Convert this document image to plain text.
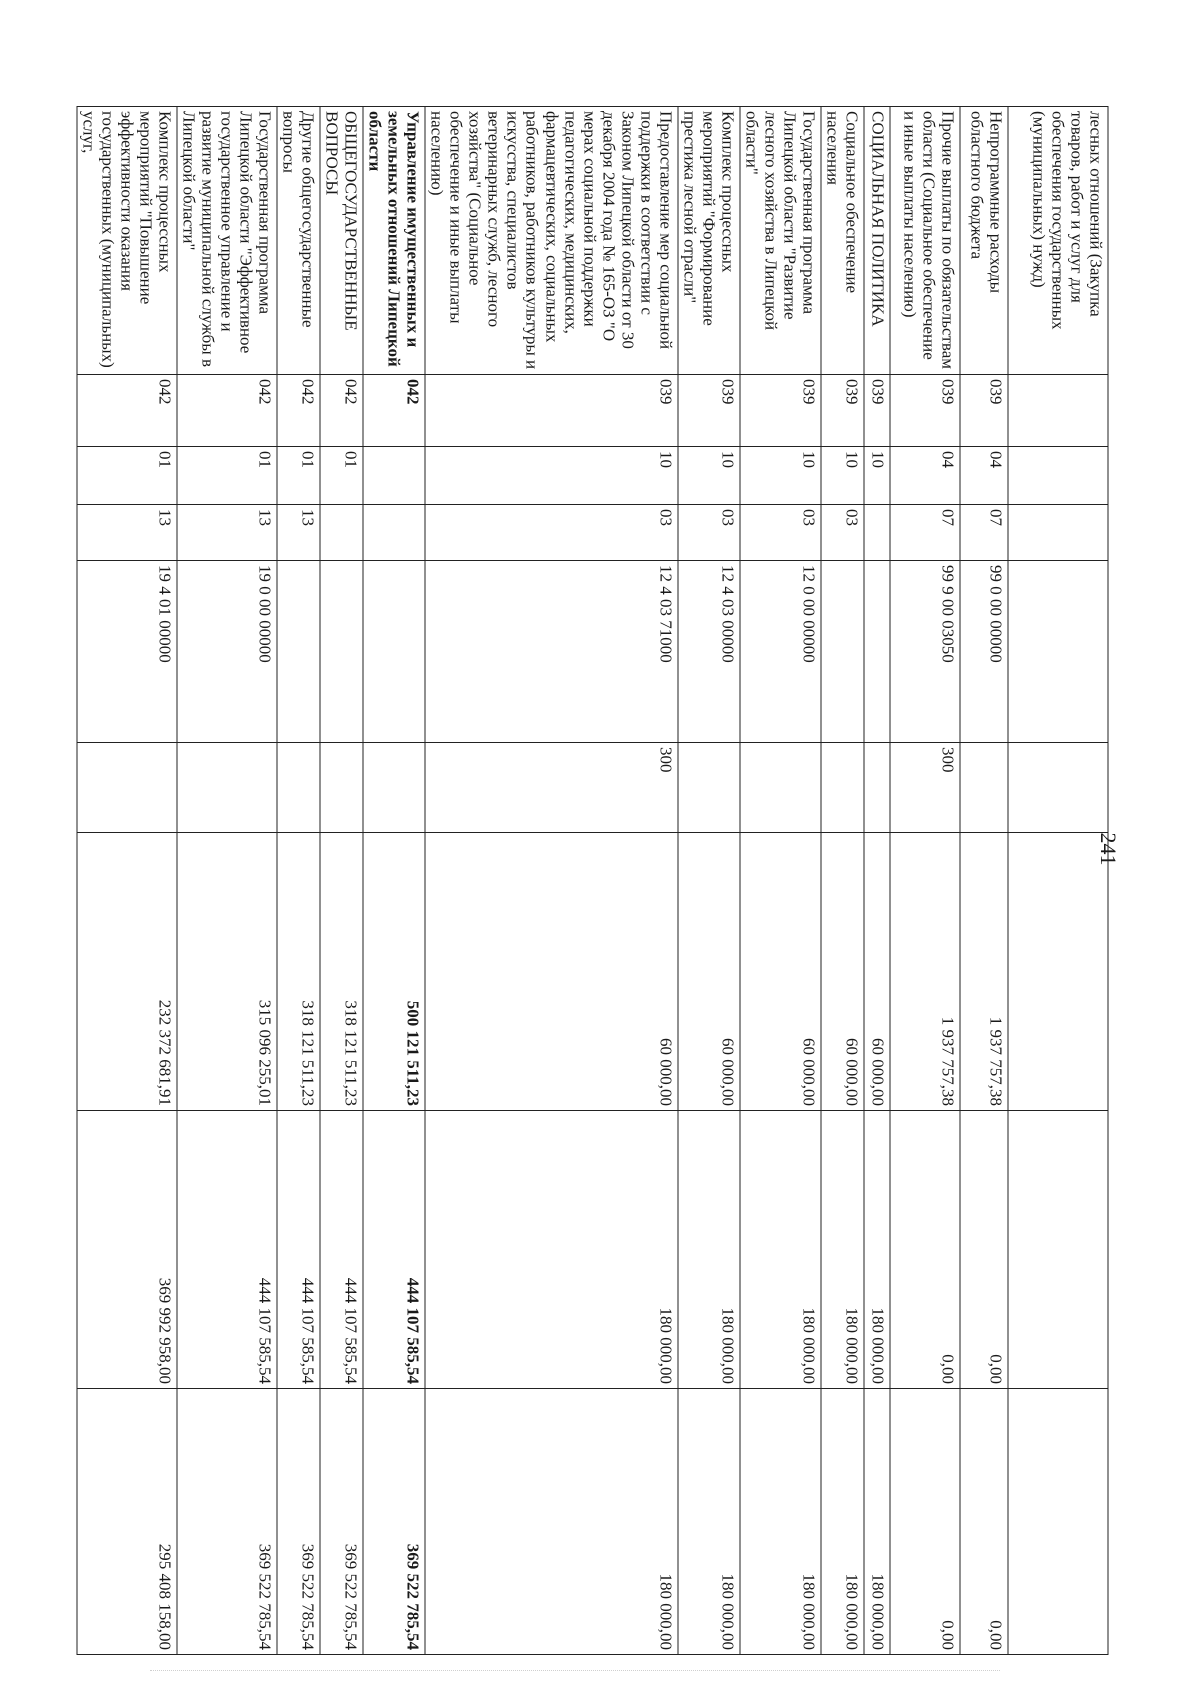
241
лесных отношений (Закупка товаров, работ и услуг для обеспечения государственных (муниципальных) нужд)								
Непрограммные расходы областного бюджета	039	04	07	99 0 00 00000		1 937 757,38	0,00	0,00
Прочие выплаты по обязательствам области (Социальное обеспечение и иные выплаты населению)	039	04	07	99 9 00 03050	300	1 937 757,38	0,00	0,00
СОЦИАЛЬНАЯ ПОЛИТИКА	039	10				60 000,00	180 000,00	180 000,00
Социальное обеспечение населения	039	10	03			60 000,00	180 000,00	180 000,00
Государственная программа Липецкой области "Развитие лесного хозяйства в Липецкой области"	039	10	03	12 0 00 00000		60 000,00	180 000,00	180 000,00
Комплекс процессных мероприятий "Формирование престижа лесной отрасли"	039	10	03	12 4 03 00000		60 000,00	180 000,00	180 000,00
Предоставление мер социальной поддержки в соответствии с Законом Липецкой области от 30 декабря 2004 года № 165-ОЗ "О мерах социальной поддержки педагогических, медицинских, фармацевтических, социальных работников, работников культуры и искусства, специалистов ветеринарных служб, лесного хозяйства" (Социальное обеспечение и иные выплаты населению)	039	10	03	12 4 03 71000	300	60 000,00	180 000,00	180 000,00
Управление имущественных и земельных отношений Липецкой области	042					500 121 511,23	444 107 585,54	369 522 785,54
ОБЩЕГОСУДАРСТВЕННЫЕ ВОПРОСЫ	042	01				318 121 511,23	444 107 585,54	369 522 785,54
Другие общегосударственные вопросы	042	01	13			318 121 511,23	444 107 585,54	369 522 785,54
Государственная программа Липецкой области "Эффективное государственное управление и развитие муниципальной службы в Липецкой области"	042	01	13	19 0 00 00000		315 096 255,01	444 107 585,54	369 522 785,54
Комплекс процессных мероприятий "Повышение эффективности оказания государственных (муниципальных) услуг,	042	01	13	19 4 01 00000		232 372 681,91	369 992 958,00	295 408 158,00
